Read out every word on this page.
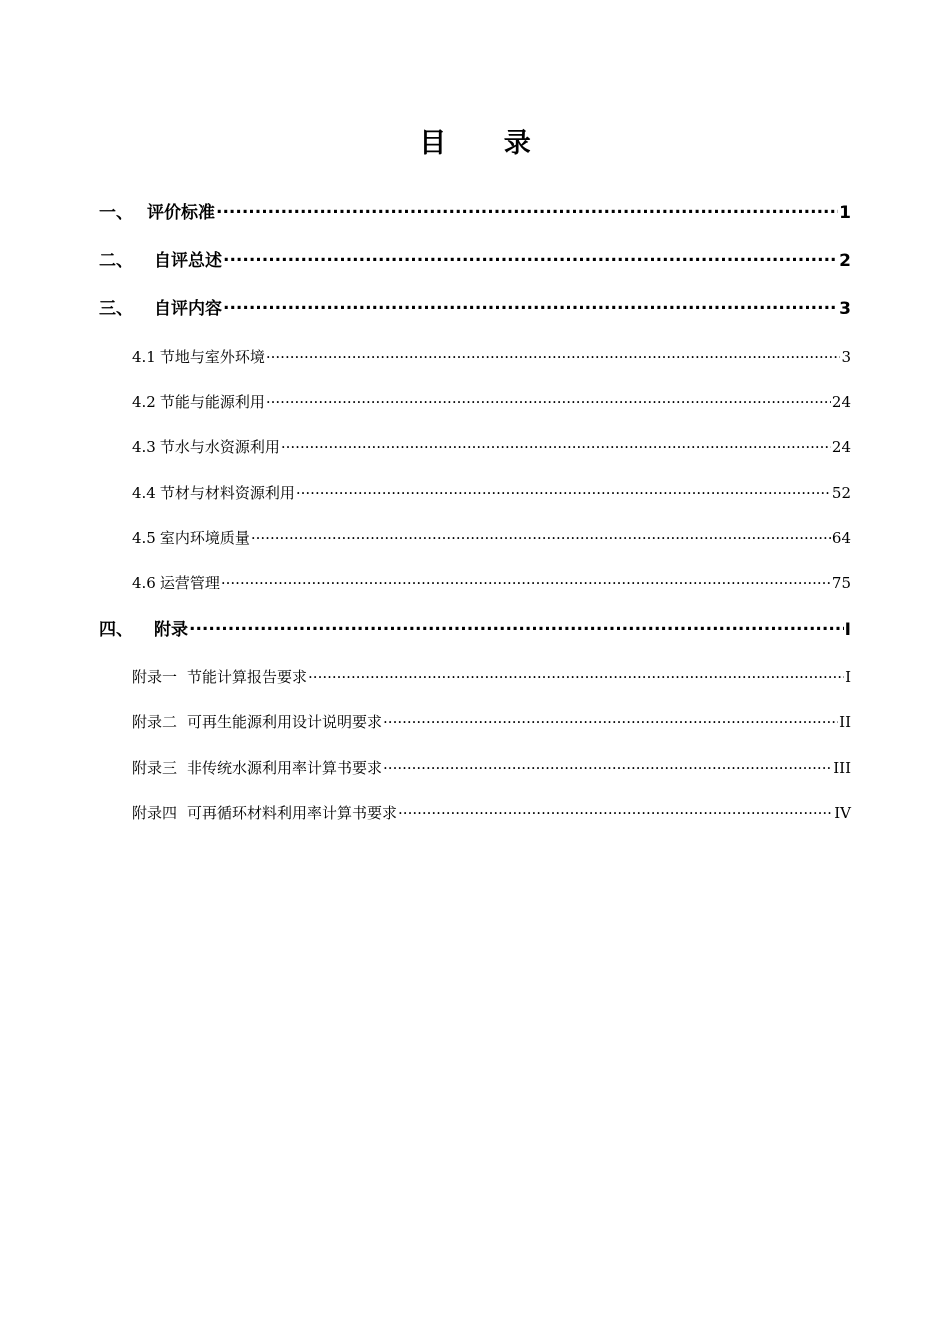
目 录
一、 评价标准 .....	1
二、	自评总述 .....	2
三、	自评内容 .....	3
4.1 节地与室外环境 .....	3
4.2 节能与能源利用 .....	24
4.3 节水与水资源利用 .....	24
4.4 节材与材料资源利用 .....	52
4.5 室内环境质量 .....	64
4.6 运营管理 .....	75
四、	附录 .....	I
附录一 节能计算报告要求 .....	I
附录二 可再生能源利用设计说明要求 .....	II
附录三 非传统水源利用率计算书要求 .....	III
附录四 可再循环材料利用率计算书要求 .....	IV
